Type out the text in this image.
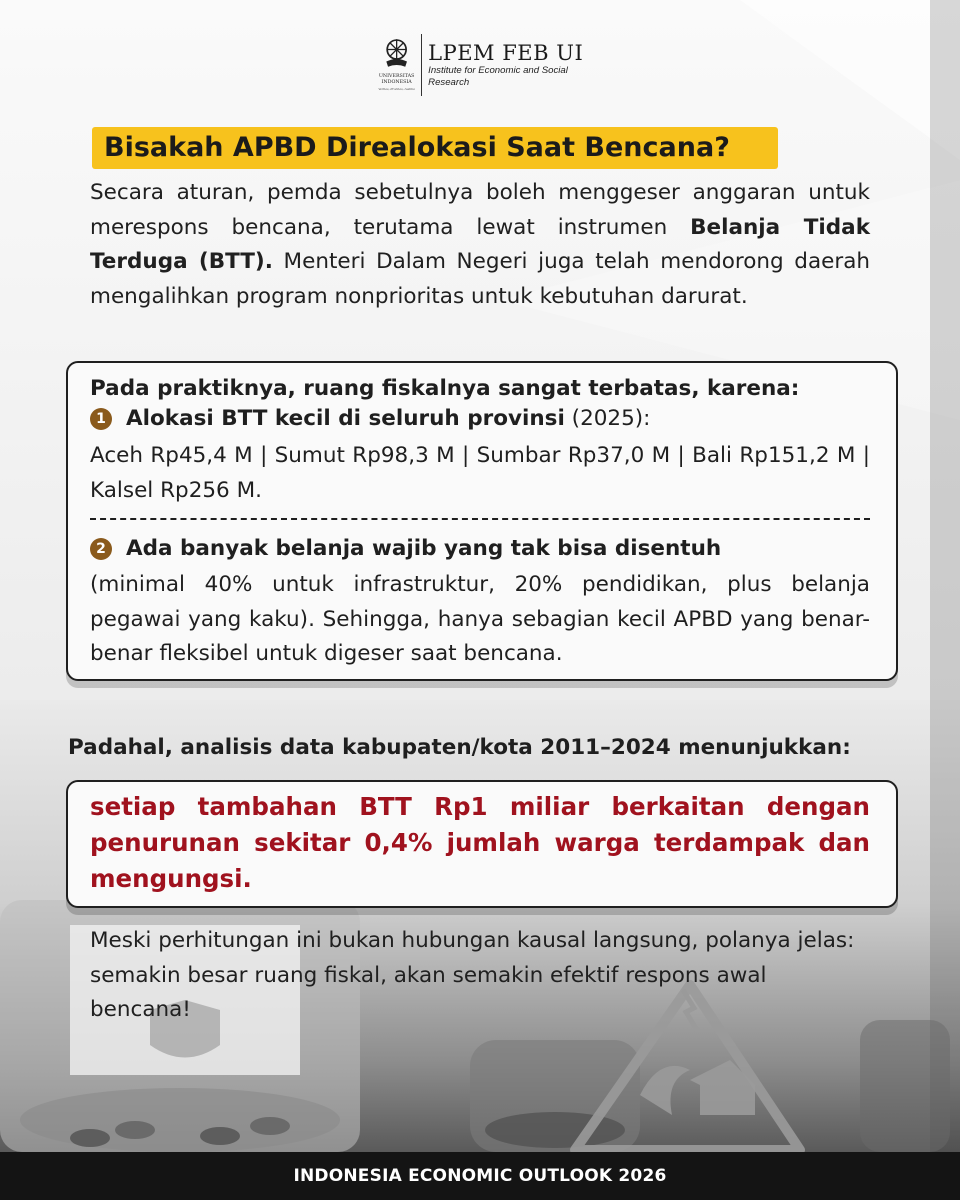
UNIVERSITAS
INDONESIA
Veritas, Probitas, Iustitia
LPEM FEB UI
Institute for Economic and Social Research
Bisakah APBD Direalokasi Saat Bencana?
Secara aturan, pemda sebetulnya boleh menggeser anggaran untuk merespons bencana, terutama lewat instrumen Belanja Tidak Terduga (BTT). Menteri Dalam Negeri juga telah mendorong daerah mengalihkan program nonprioritas untuk kebutuhan darurat.
Pada praktiknya, ruang fiskalnya sangat terbatas, karena:
1 Alokasi BTT kecil di seluruh provinsi (2025):
Aceh Rp45,4 M | Sumut Rp98,3 M | Sumbar Rp37,0 M | Bali Rp151,2 M | Kalsel Rp256 M.
2 Ada banyak belanja wajib yang tak bisa disentuh
(minimal 40% untuk infrastruktur, 20% pendidikan, plus belanja pegawai yang kaku). Sehingga, hanya sebagian kecil APBD yang benar-benar fleksibel untuk digeser saat bencana.
Padahal, analisis data kabupaten/kota 2011–2024 menunjukkan:
setiap tambahan BTT Rp1 miliar berkaitan dengan penurunan sekitar 0,4% jumlah warga terdampak dan mengungsi.
Meski perhitungan ini bukan hubungan kausal langsung, polanya jelas: semakin besar ruang fiskal, akan semakin efektif respons awal bencana!
INDONESIA ECONOMIC OUTLOOK 2026
